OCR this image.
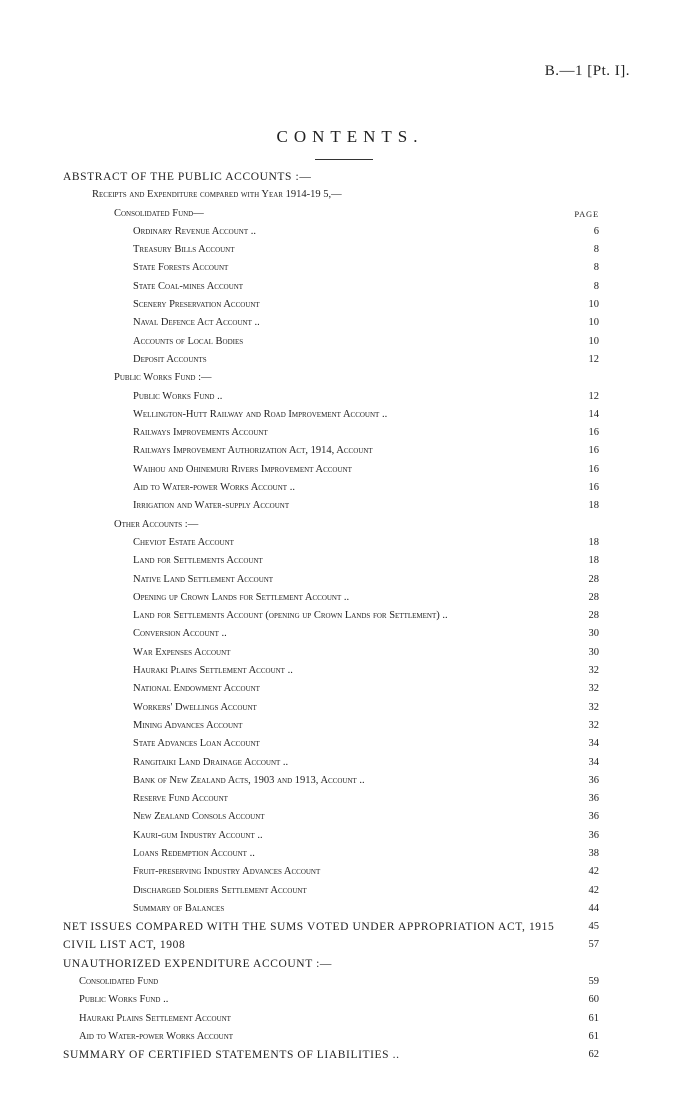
B.—1 [Pt. I].
CONTENTS.
ABSTRACT OF THE PUBLIC ACCOUNTS :—
Receipts and Expenditure compared with Year 1914-19 5,—
Consolidated Fund—	PAGE
Ordinary Revenue Account ..	6
Treasury Bills Account	8
State Forests Account	8
State Coal-mines Account	8
Scenery Preservation Account	10
Naval Defence Act Account ..	10
Accounts of Local Bodies	10
Deposit Accounts	12
Public Works Fund :—
Public Works Fund ..	12
Wellington-Hutt Railway and Road Improvement Account ..	14
Railways Improvements Account	16
Railways Improvement Authorization Act, 1914, Account	16
Waihou and Ohinemuri Rivers Improvement Account	16
Aid to Water-power Works Account ..	16
Irrigation and Water-supply Account	18
Other Accounts :—
Cheviot Estate Account	18
Land for Settlements Account	18
Native Land Settlement Account	28
Opening up Crown Lands for Settlement Account ..	28
Land for Settlements Account (opening up Crown Lands for Settlement) ..	28
Conversion Account ..	30
War Expenses Account	30
Hauraki Plains Settlement Account ..	32
National Endowment Account	32
Workers' Dwellings Account	32
Mining Advances Account	32
State Advances Loan Account	34
Rangitaiki Land Drainage Account ..	34
Bank of New Zealand Acts, 1903 and 1913, Account ..	36
Reserve Fund Account	36
New Zealand Consols Account	36
Kauri-gum Industry Account ..	36
Loans Redemption Account ..	38
Fruit-preserving Industry Advances Account	42
Discharged Soldiers Settlement Account	42
Summary of Balances	44
NET ISSUES COMPARED WITH THE SUMS VOTED UNDER APPROPRIATION ACT, 1915	45
CIVIL LIST ACT, 1908	57
UNAUTHORIZED EXPENDITURE ACCOUNT :—
Consolidated Fund	59
Public Works Fund ..	60
Hauraki Plains Settlement Account	61
Aid to Water-power Works Account	61
SUMMARY OF CERTIFIED STATEMENTS OF LIABILITIES ..	62
